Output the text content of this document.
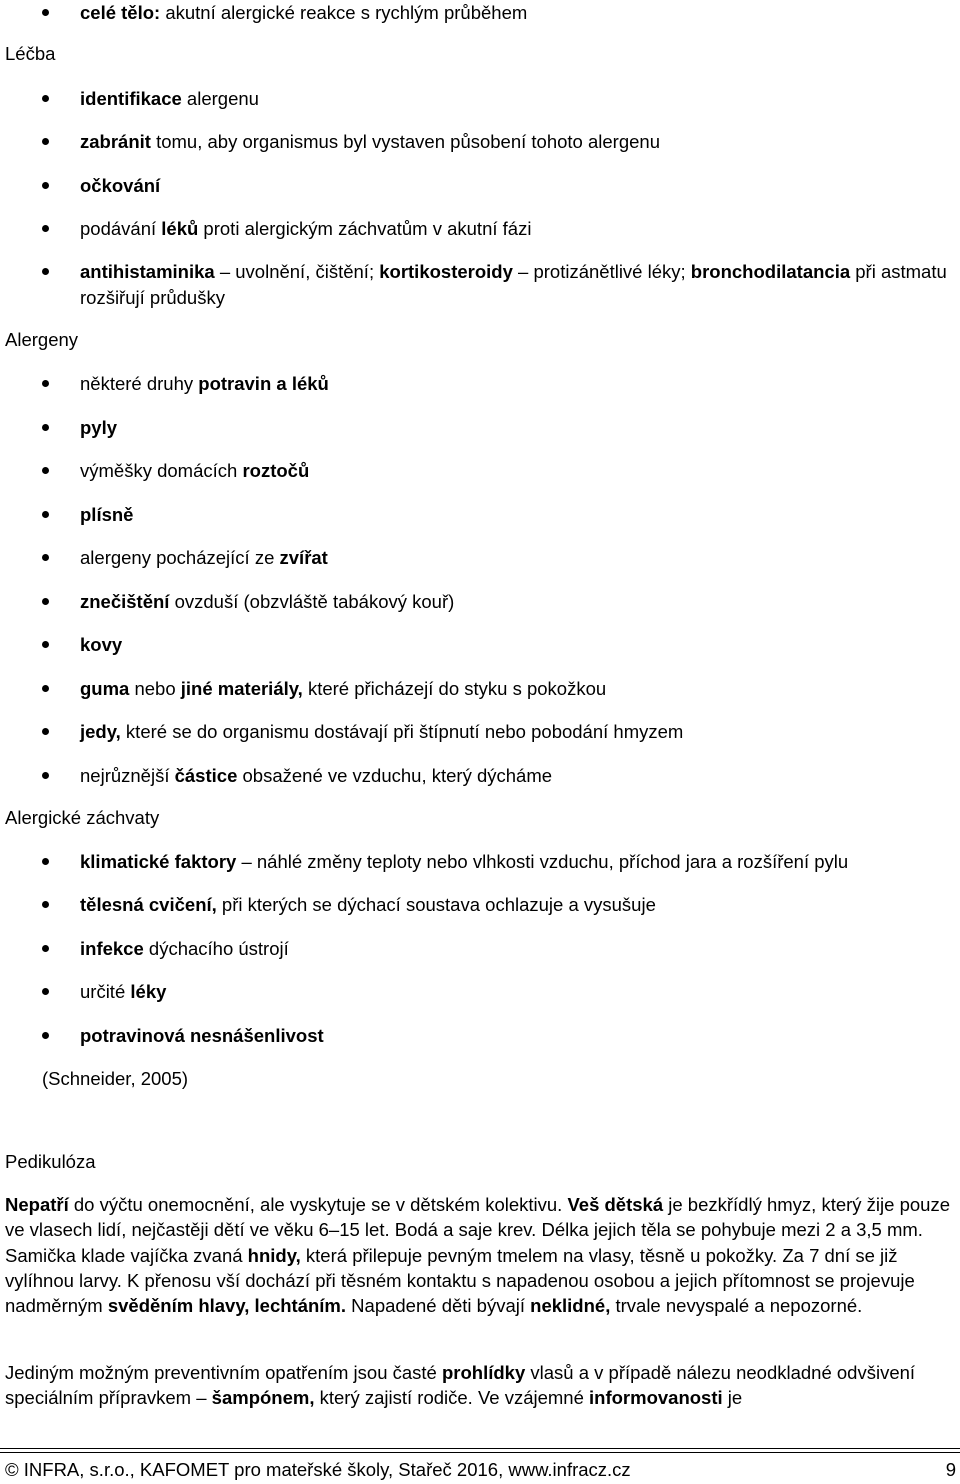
celé tělo: akutní alergické reakce s rychlým průběhem
Léčba
identifikace alergenu
zabránit tomu, aby organismus byl vystaven působení tohoto alergenu
očkování
podávání léků proti alergickým záchvatům v akutní fázi
antihistaminika – uvolnění, čištění; kortikosteroidy – protizánětlivé léky; bronchodilatancia při astmatu rozšiřují průdušky
Alergeny
některé druhy potravin a léků
pyly
výměšky domácích roztočů
plísně
alergeny pocházející ze zvířat
znečištění ovzduší (obzvláště tabákový kouř)
kovy
guma nebo jiné materiály, které přicházejí do styku s pokožkou
jedy, které se do organismu dostávají při štípnutí nebo pobodání hmyzem
nejrůznější částice obsažené ve vzduchu, který dýcháme
Alergické záchvaty
klimatické faktory – náhlé změny teploty nebo vlhkosti vzduchu, příchod jara a rozšíření pylu
tělesná cvičení, při kterých se dýchací soustava ochlazuje a vysušuje
infekce dýchacího ústrojí
určité léky
potravinová nesnášenlivost
(Schneider, 2005)
Pedikulóza

Nepatří do výčtu onemocnění, ale vyskytuje se v dětském kolektivu. Veš dětská je bezkřídlý hmyz, který žije pouze ve vlasech lidí, nejčastěji dětí ve věku 6–15 let. Bodá a saje krev. Délka jejich těla se pohybuje mezi 2 a 3,5 mm. Samička klade vajíčka zvaná hnidy, která přilepuje pevným tmelem na vlasy, těsně u pokožky. Za 7 dní se již vylíhnou larvy. K přenosu vší dochází při těsném kontaktu s napadenou osobou a jejich přítomnost se projevuje nadměrným svěděním hlavy, lechtáním. Napadené děti bývají neklidné, trvale nevyspalé a nepozorné.

Jediným možným preventivním opatřením jsou časté prohlídky vlasů a v případě nálezu neodkladné odvšivení speciálním přípravkem – šampónem, který zajistí rodiče. Ve vzájemné informovanosti je

© INFRA, s.r.o., KAFOMET pro mateřské školy, Stařeč 2016, www.infracz.cz	9
